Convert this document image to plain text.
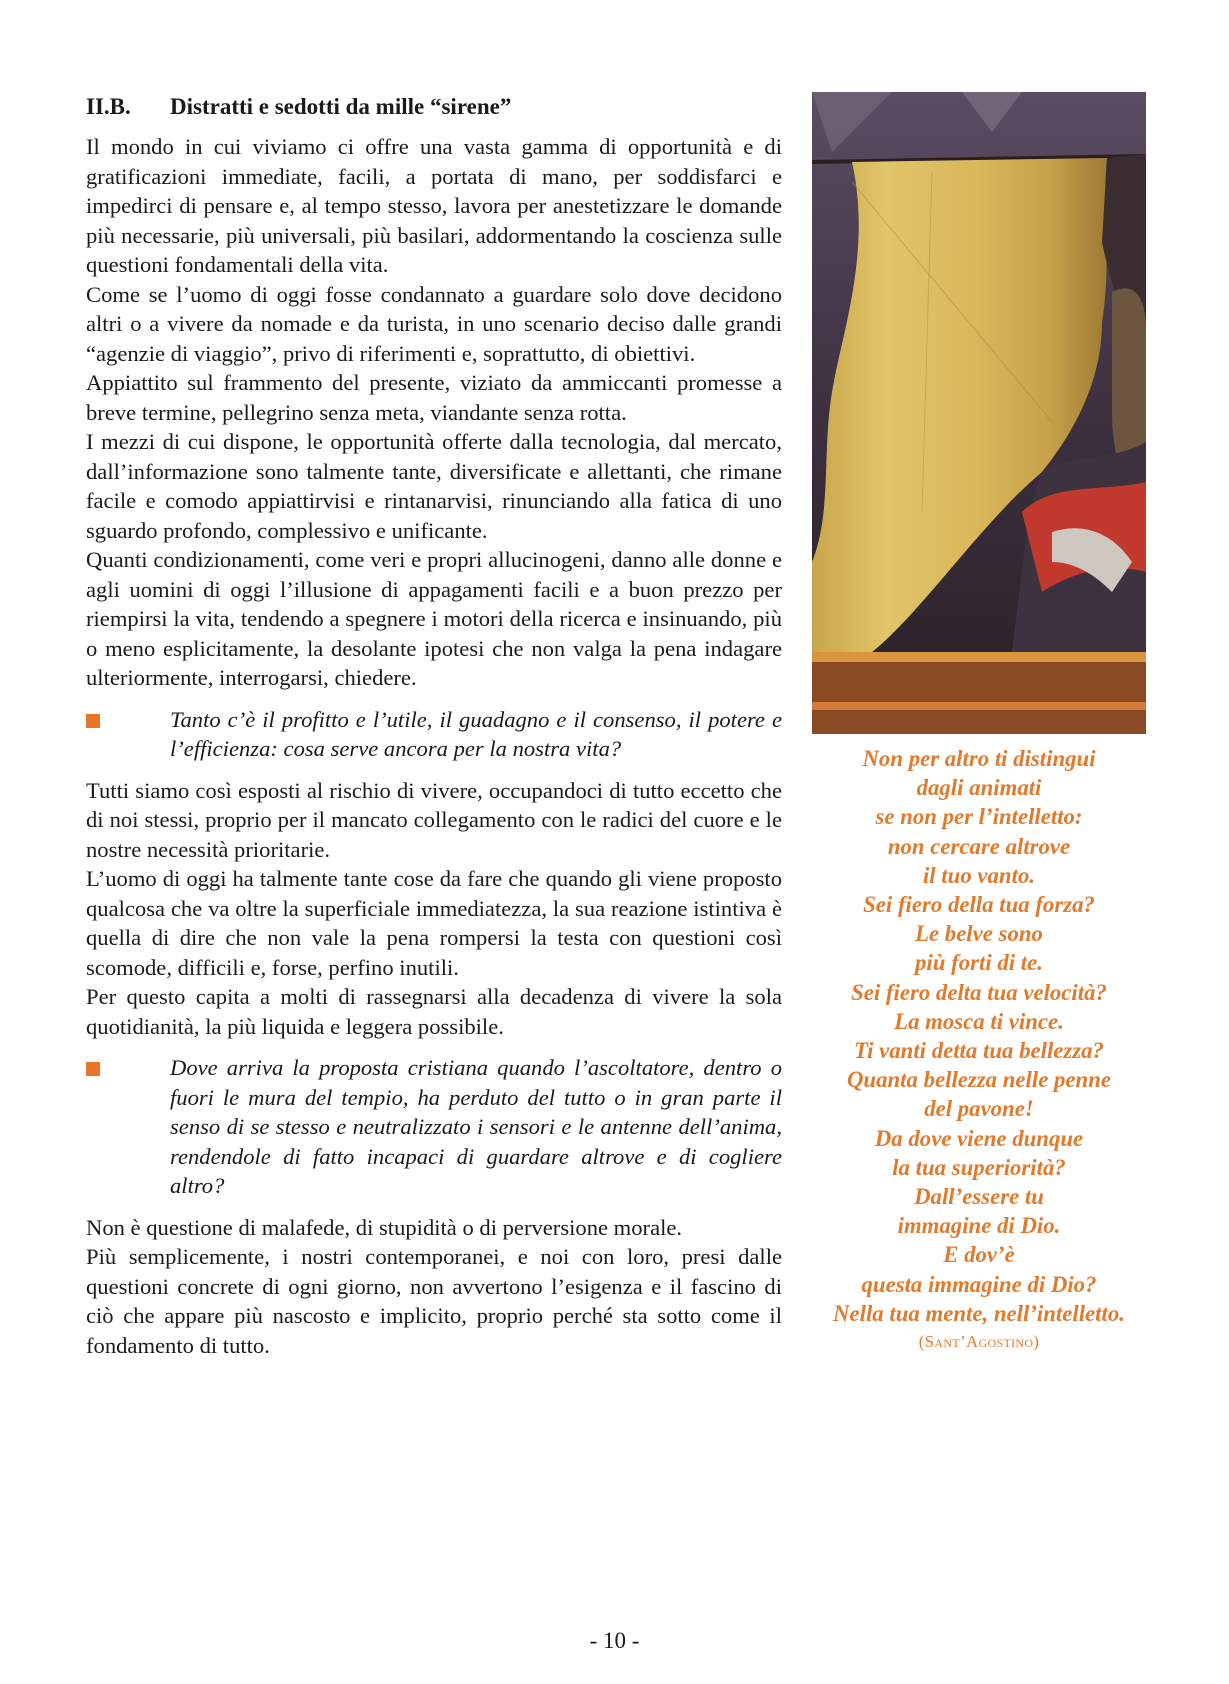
II.B.	Distratti e sedotti da mille “sirene”

Il mondo in cui viviamo ci offre una vasta gamma di opportunità e di gratificazioni immediate, facili, a portata di mano, per soddisfarci e impedirci di pensare e, al tempo stesso, lavora per anestetizzare le domande più necessarie, più universali, più basilari, addormentando la coscienza sulle questioni fondamentali della vita.

Come se l’uomo di oggi fosse condannato a guardare solo dove decidono altri o a vivere da nomade e da turista, in uno scenario deciso dalle grandi “agenzie di viaggio”, privo di riferimenti e, soprattutto, di obiettivi.

Appiattito sul frammento del presente, viziato da ammiccanti promesse a breve termine, pellegrino senza meta, viandante senza rotta.

I mezzi di cui dispone, le opportunità offerte dalla tecnologia, dal mercato, dall’informazione sono talmente tante, diversificate e allettanti, che rimane facile e comodo appiattirvisi e rintanarvisi, rinunciando alla fatica di uno sguardo profondo, complessivo e unificante.

Quanti condizionamenti, come veri e propri allucinogeni, danno alle donne e agli uomini di oggi l’illusione di appagamenti facili e a buon prezzo per riempirsi la vita, tendendo a spegnere i motori della ricerca e insinuando, più o meno esplicitamente, la desolante ipotesi che non valga la pena indagare ulteriormente, interrogarsi, chiedere.

Tanto c’è il profitto e l’utile, il guadagno e il consenso, il potere e l’efficienza: cosa serve ancora per la nostra vita?

Tutti siamo così esposti al rischio di vivere, occupandoci di tutto eccetto che di noi stessi, proprio per il mancato collegamento con le radici del cuore e le nostre necessità prioritarie.

L’uomo di oggi ha talmente tante cose da fare che quando gli viene proposto qualcosa che va oltre la superficiale immediatezza, la sua reazione istintiva è quella di dire che non vale la pena rompersi la testa con questioni così scomode, difficili e, forse, perfino inutili.

Per questo capita a molti di rassegnarsi alla decadenza di vivere la sola quotidianità, la più liquida e leggera possibile.

Dove arriva la proposta cristiana quando l’ascoltatore, dentro o fuori le mura del tempio, ha perduto del tutto o in gran parte il senso di se stesso e neutralizzato i sensori e le antenne dell’anima, rendendole di fatto incapaci di guardare altrove e di cogliere altro?

Non è questione di malafede, di stupidità o di perversione morale.

Più semplicemente, i nostri contemporanei, e noi con loro, presi dalle questioni concrete di ogni giorno, non avvertono l’esigenza e il fascino di ciò che appare più nascosto e implicito, proprio perché sta sotto come il fondamento di tutto.

Non per altro ti distingui
dagli animati
se non per l’intelletto:
non cercare altrove
il tuo vanto.
Sei fiero della tua forza?
Le belve sono
più forti di te.
Sei fiero delta tua velocità?
La mosca ti vince.
Ti vanti detta tua bellezza?
Quanta bellezza nelle penne
del pavone!
Da dove viene dunque
la tua superiorità?
Dall’essere tu
immagine di Dio.
E dov’è
questa immagine di Dio?
Nella tua mente, nell’intelletto.
(Sant’Agostino)
- 10 -
